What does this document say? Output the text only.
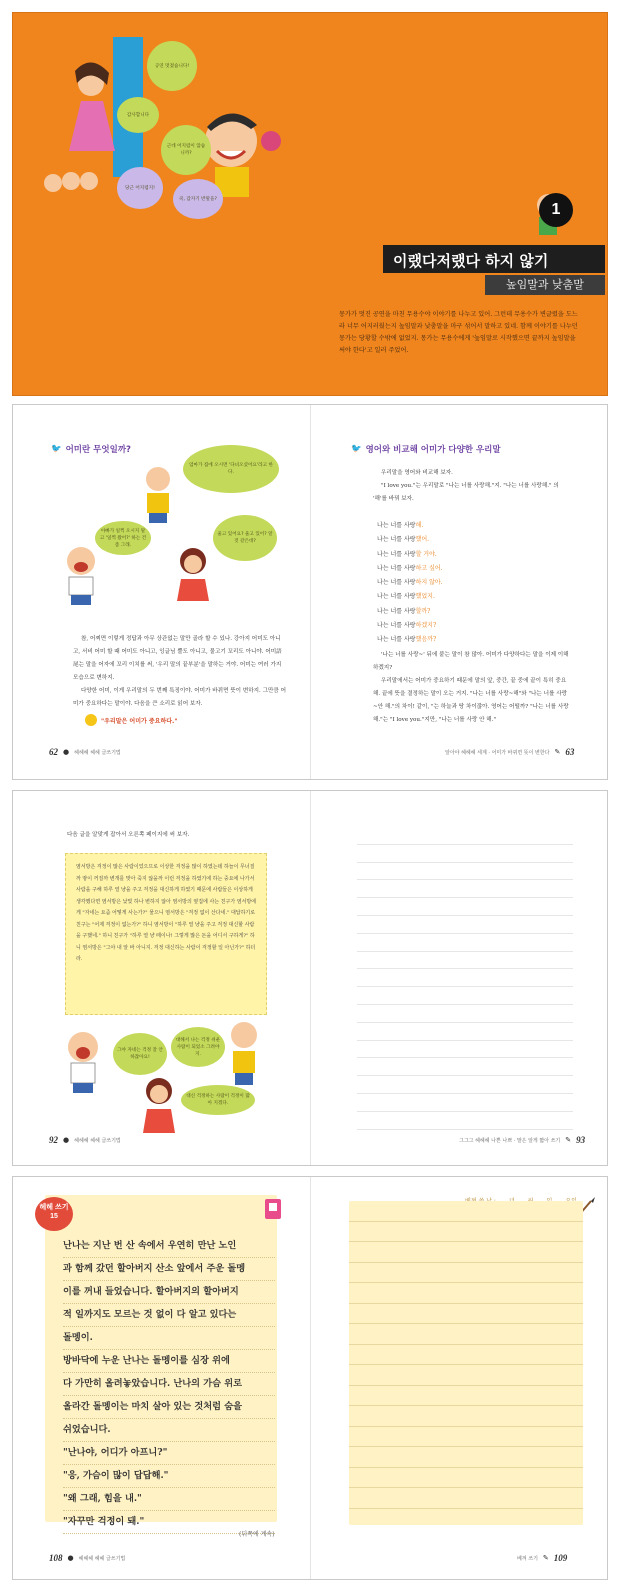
공연 멋졌습니다!
감사합니다
근데 어지럼이 않습니까?
당근 어지렵지!
쿡, 갑자기 반말을?
1
이랬다저랬다 하지 않기
높임말과 낮춤말
몽가가 멋진 공연을 마친 무용수야 이야기를 나누고 있어. 그런데 무용수가 변글렸을 도느라 너무 어지러웠는지 높임말과 낮춤말을 마구 섞어서 말하고 있네. 함께 이야기를 나누던 몽가는 당황할 수밖에 없었지. 몽가는 무용수에게 '높임말로 시작했으면 끝까지 높임말을 써야 한다'고 일러 주었어.
🐦 어미란 무엇일까?
엄마가 집에 오시면 '다녀오셨어요'라고 한다.
아빠가 일찍 오시지 말고 '일찍 왔어?' 하는 건 좀 그래.
울고 있어요? 울고 있어? 알 것 같은데?

참, 어찌면 이렇게 정답과 아무 상관없는 말만 골라 할 수 있나. 강아지 어미도 아니고, 서비 어미 할 때 어미도 아니고, 잉글님 뿔도 아니고, 물고기 꼬리도 아니야. 어미語尾는 말을 어자에 꼬리 이치를 써, '우리 말의 끝부분'을 말하는 거야. 어미는 여러 가지 모습으로 변하지.

다양한 어미, 이게 우리말의 두 번째 특징이야. 어미가 바뀌면 뜻이 변하지. 그만큼 어미가 중요하다는 말이야. 다음을 큰 소리로 읽어 보자.

"우리말은 어미가 중요하다."
62 ● 헤헤헤 헤헤 글쓰기법
🐦 영어와 비교해 어미가 다양한 우리말

우리말을 영어와 비교해 보자.

"I love you."는 우리말로 "나는 너를 사랑해."지. "나는 너를 사랑해." 의 '해'를 바꿔 보자.

나는 너를 사랑해.
나는 너를 사랑했어.
나는 너를 사랑할 거야.
나는 너를 사랑하고 싶어.
나는 너를 사랑하지 않아.
나는 너를 사랑했었지.
나는 너를 사랑할까?
나는 너를 사랑하겠지?
나는 너를 사랑했음까?

'나는 너를 사랑~' 뒤에 붙는 말이 참 많아. 어미가 다양하다는 말을 이제 이해하겠지?

우리말에서는 어미가 중요하기 때문에 말의 앞, 중간, 끝 중에 끝이 특히 중요해. 끝에 뜻을 결정하는 말이 오는 거지. "나는 너를 사랑~해"와 "나는 너를 사랑~안 해."의 차이! 같이, "는 하늘과 땅 차이잖아. 영어는 어떨까? "나는 너를 사랑해."는 "I love you."지만, "나는 너를 사랑 안 해."

알아야 헤헤헤 세계 · 어미가 바뀌면 뜻이 변한다 ✎ 63
다음 글을 알맞게 잡아서 오른쪽 페이지에 써 보자.

염서방은 걱정이 많은 사람이었으므로 이상한 걱정을 많이 하였는데 하늘이 무너질까 땅이 꺼질까 변개를 맞아 죽지 않을까 이런 걱정을 하였기에 하는 중요에 나가서 사람을 구해 하루 열 냥을 주고 걱정을 대신하게 하였기 때문에 사람들은 이상하게 생각했다면 염서방은 낯빛 하나 변하지 않아 염서방의 옆집에 사는 친구가 염서방에게 "자네는 요즘 어떻게 사는가?" 물으니 염서방은 "걱정 없이 산다네." 대답하기로 친구는 "어제 걱정이 없는가?" 하니 염서방이 "하루 열 냥을 주고 걱정 대신할 사람을 구했네." 하니 친구가 "하루 열 냥 떼이나! 그렇게 많은 돈을 어디서 구하게?" 하니 염서방은 "그야 내 알 바 아니지. 걱정 대신하는 사람이 걱정할 일 아닌가?" 하더라.

그야 자네는 걱정 잘 안 하잖아요!
대해서 나는 걱정 쉬운 사람이 되었소 그려야지.
대신 걱정하는 사람이 걱정이 많아 지겠다.
92 ● 헤헤헤 헤헤 글쓰기법	그그그 헤헤헤 나쁜 나쁘 · 말은 알게 짧아 쓰기 ✎ 93
헤헤 쓰기 15

난나는 지난 번 산 속에서 우연히 만난 노인

과 함께 갔던 할아버지 산소 앞에서 주운 돌멩

이를 꺼내 들었습니다. 할아버지의 할아버지

적 일까지도 모르는 것 없이 다 알고 있다는

돌멩이.

방바닥에 누운 난나는 돌멩이를 심장 위에

다 가만히 올려놓았습니다. 난나의 가슴 위로

올라간 돌멩이는 마치 살아 있는 것처럼 숨을

쉬었습니다.

"난나야, 어디가 아프니?"

"응, 가슴이 많이 답답해."

"왜 그래, 힘을 내."

"자꾸만 걱정이 돼."

(뒤쪽에 계속)
108 ● 헤헤헤 헤헤 글쓰기법	베껴 쓰기 ✎ 109
